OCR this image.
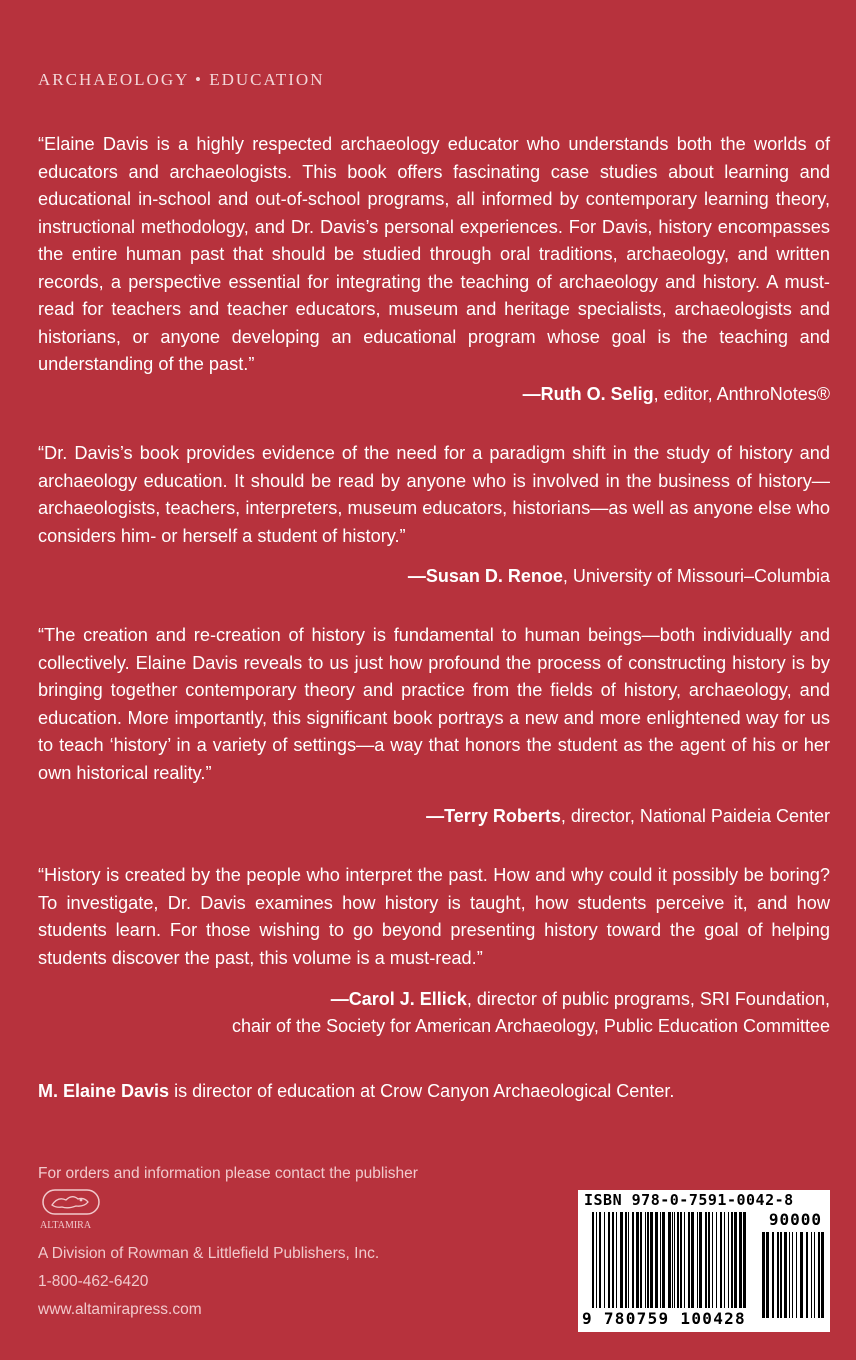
ARCHAEOLOGY • EDUCATION
“Elaine Davis is a highly respected archaeology educator who understands both the worlds of educators and archaeologists. This book offers fascinating case studies about learning and educational in-school and out-of-school programs, all informed by contemporary learning theory, instructional methodology, and Dr. Davis’s personal experiences. For Davis, history encompasses the entire human past that should be studied through oral traditions, archaeology, and written records, a perspective essential for integrating the teaching of archaeology and history. A must-read for teachers and teacher educators, museum and heritage specialists, archaeologists and historians, or anyone developing an educational program whose goal is the teaching and understanding of the past.”
—Ruth O. Selig, editor, AnthroNotes®
“Dr. Davis’s book provides evidence of the need for a paradigm shift in the study of history and archaeology education. It should be read by anyone who is involved in the business of history—archaeologists, teachers, interpreters, museum educators, historians—as well as anyone else who considers him- or herself a student of history.”
—Susan D. Renoe, University of Missouri–Columbia
“The creation and re-creation of history is fundamental to human beings—both individually and collectively. Elaine Davis reveals to us just how profound the process of constructing history is by bringing together contemporary theory and practice from the fields of history, archaeology, and education. More importantly, this significant book portrays a new and more enlightened way for us to teach ‘history’ in a variety of settings—a way that honors the student as the agent of his or her own historical reality.”
—Terry Roberts, director, National Paideia Center
“History is created by the people who interpret the past. How and why could it possibly be boring? To investigate, Dr. Davis examines how history is taught, how students perceive it, and how students learn. For those wishing to go beyond presenting history toward the goal of helping students discover the past, this volume is a must-read.”
—Carol J. Ellick, director of public programs, SRI Foundation,
chair of the Society for American Archaeology, Public Education Committee
M. Elaine Davis is director of education at Crow Canyon Archaeological Center.
For orders and information please contact the publisher
ALTAMIRA
A Division of Rowman & Littlefield Publishers, Inc.
1-800-462-6420
www.altamirapress.com
ISBN 978-0-7591-0042-8
90000
9 780759 100428
